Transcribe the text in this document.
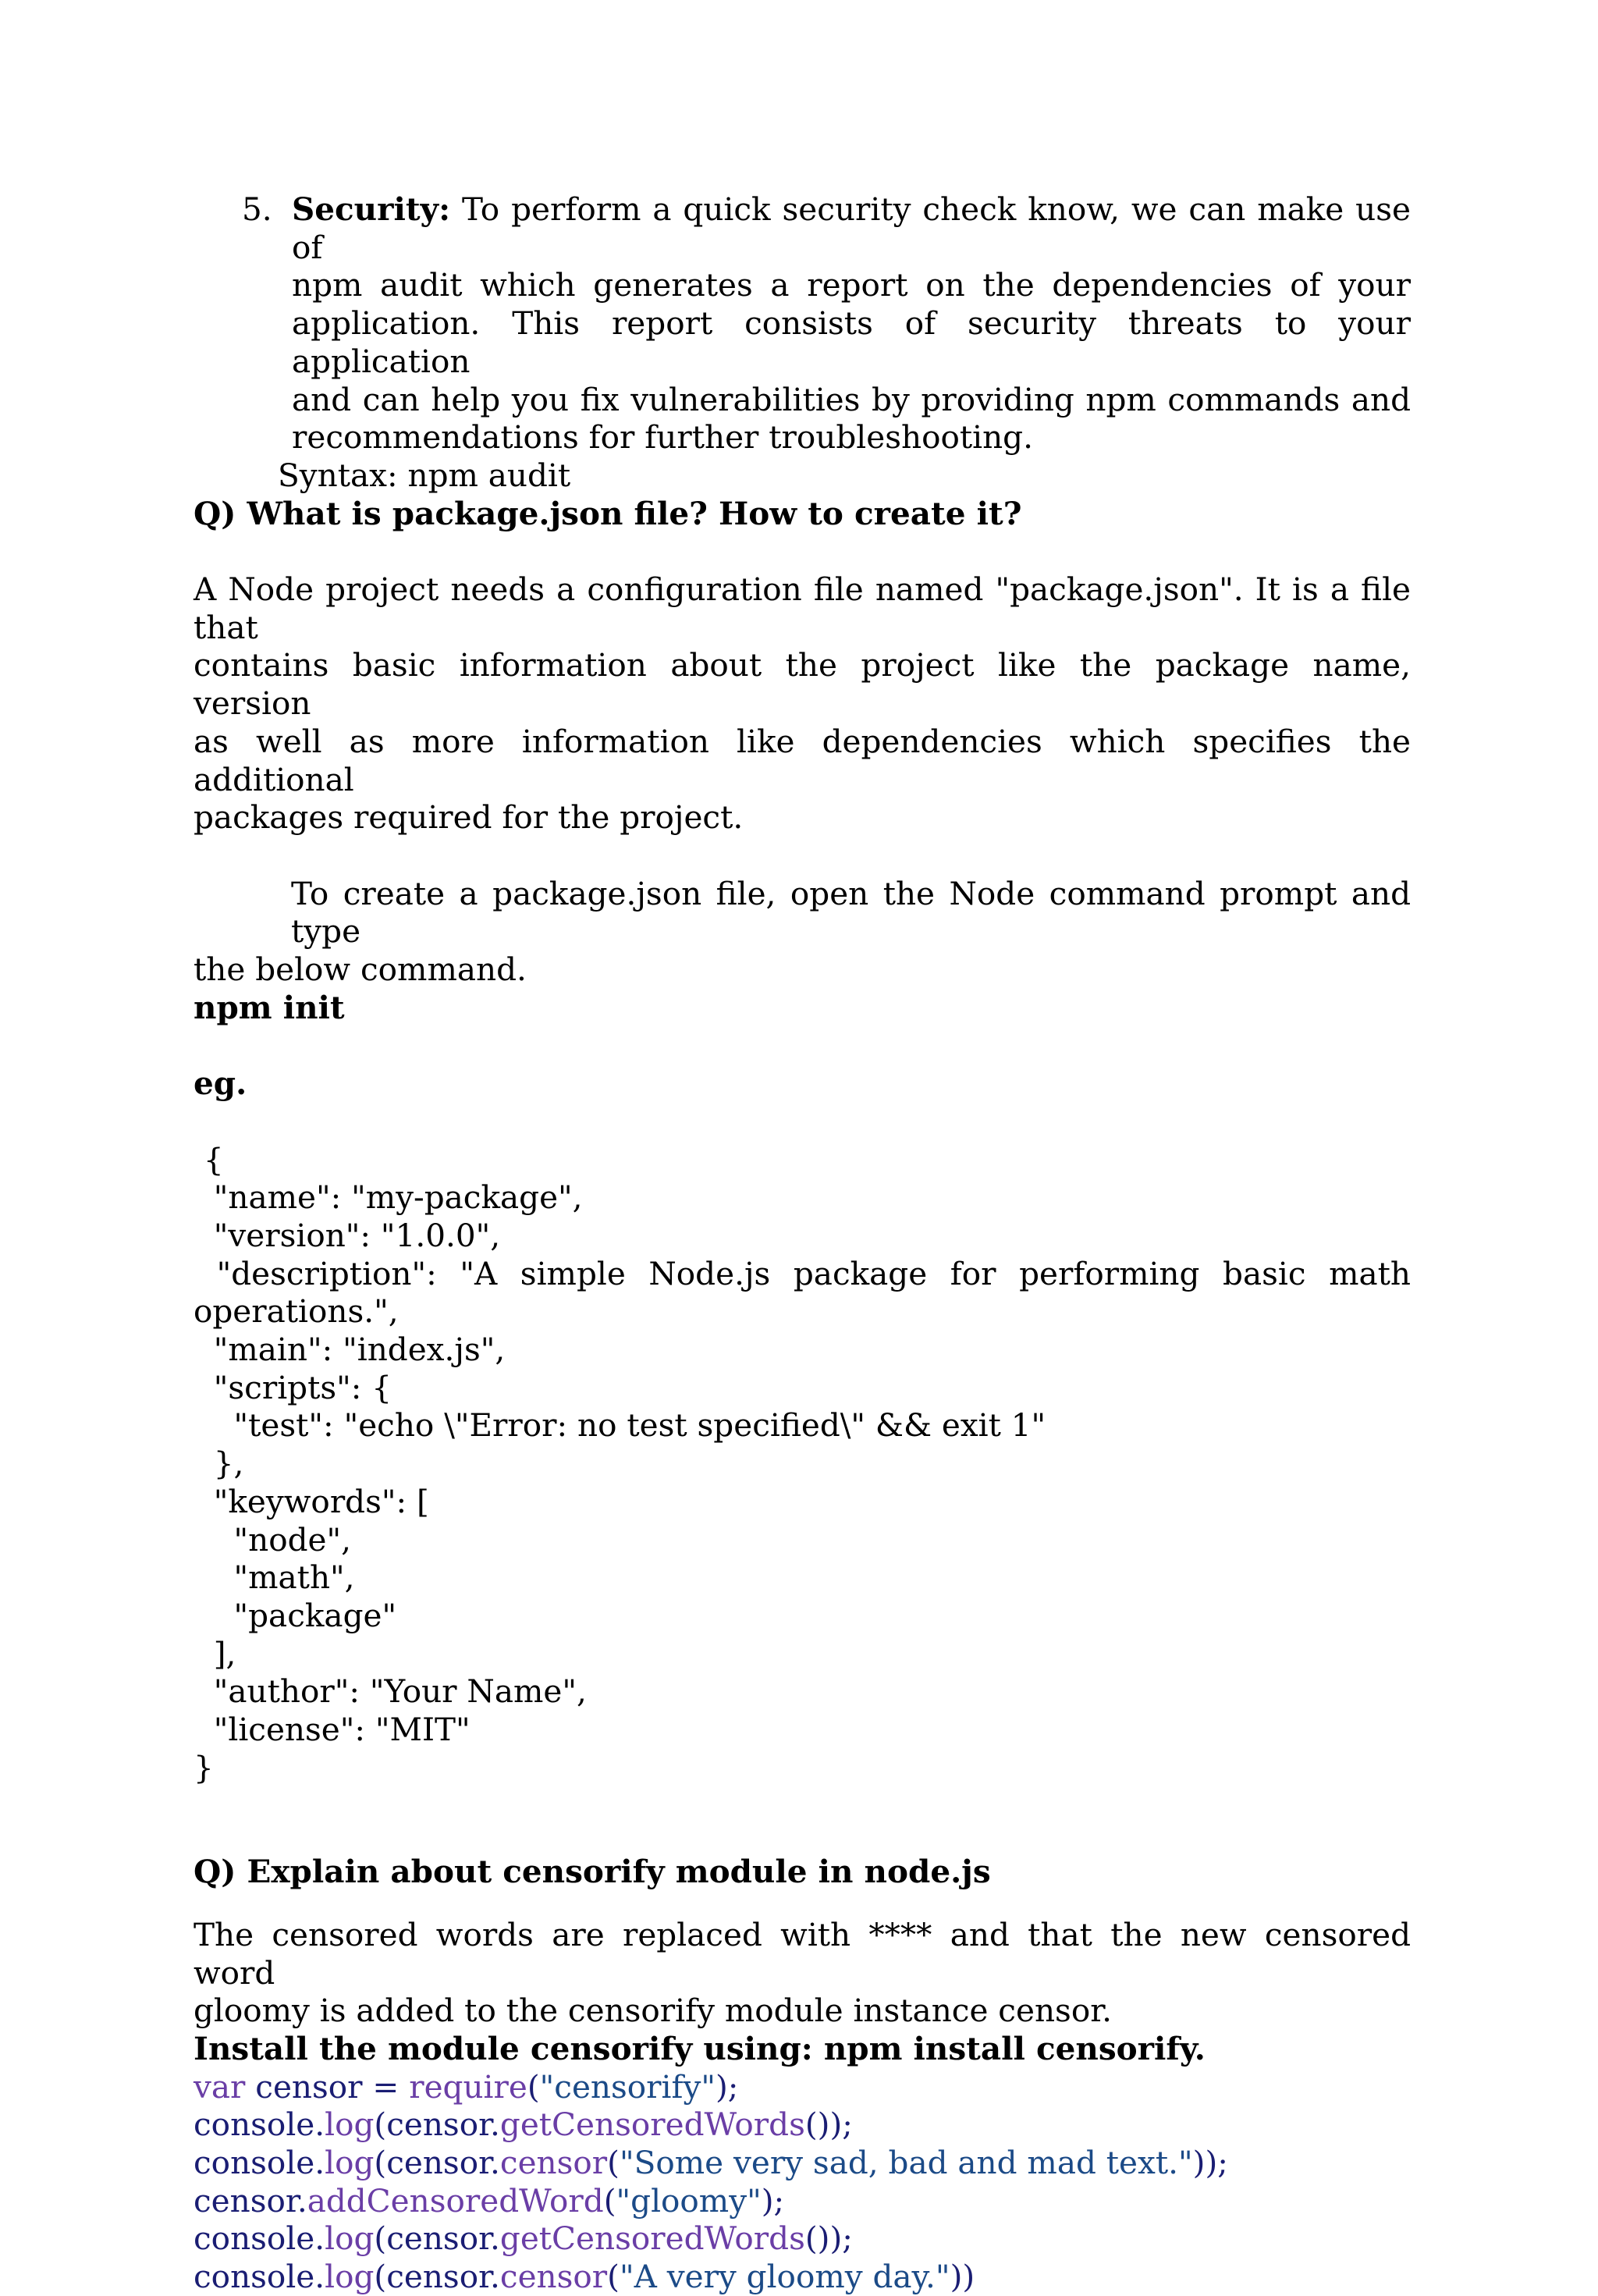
5. Security: To perform a quick security check know, we can make use of
npm audit which generates a report on the dependencies of your
application. This report consists of security threats to your application
and can help you fix vulnerabilities by providing npm commands and
recommendations for further troubleshooting.
Syntax: npm audit
Q) What is package.json file? How to create it?
A Node project needs a configuration file named "package.json". It is a file that
contains basic information about the project like the package name, version
as well as more information like dependencies which specifies the additional
packages required for the project.
To create a package.json file, open the Node command prompt and type
the below command.
npm init
eg.
{
"name": "my-package",
"version": "1.0.0",
"description":  "A  simple  Node.js  package  for  performing  basic  math
operations.",
"main": "index.js",
"scripts": {
"test": "echo \"Error: no test specified\" && exit 1"
},
"keywords": [
"node",
"math",
"package"
],
"author": "Your Name",
"license": "MIT"
}
Q) Explain about censorify module in node.js
The censored words are replaced with **** and that the new censored word
gloomy is added to the censorify module instance censor.
Install the module censorify using: npm install censorify.
var censor = require("censorify");
console.log(censor.getCensoredWords());
console.log(censor.censor("Some very sad, bad and mad text."));
censor.addCensoredWord("gloomy");
console.log(censor.getCensoredWords());
console.log(censor.censor("A very gloomy day."))
